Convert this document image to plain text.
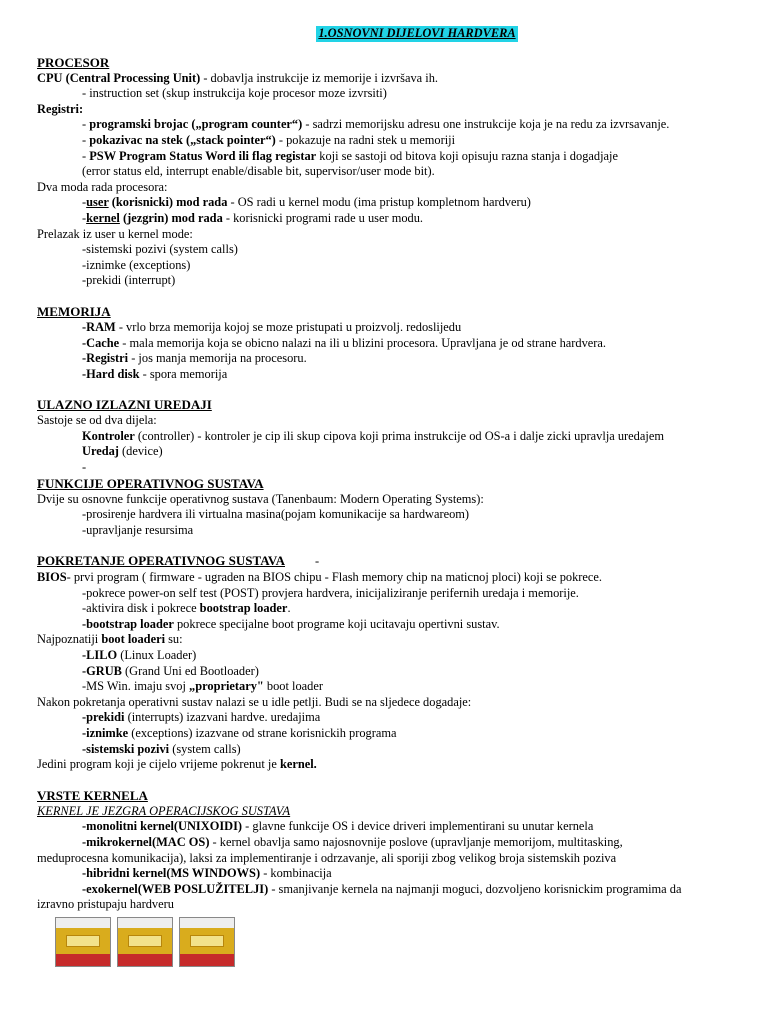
1.OSNOVNI DIJELOVI HARDVERA
PROCESOR
CPU (Central Processing Unit) - dobavlja instrukcije iz memorije i izvršava ih.
- instruction set (skup instrukcija koje procesor moze izvrsiti)
Registri:
- programski brojac („program counter“) - sadrzi memorijsku adresu one instrukcije koja je na redu za izvrsavanje.
- pokazivac na stek („stack pointer“) - pokazuje na radni stek u memoriji
- PSW Program Status Word ili flag registar koji se sastoji od bitova koji opisuju razna stanja i dogadjaje
(error status eld, interrupt enable/disable bit, supervisor/user mode bit).
Dva moda rada procesora:
-user (korisnicki) mod rada - OS radi u kernel modu (ima pristup kompletnom hardveru)
-kernel (jezgrin) mod rada - korisnicki programi rade u user modu.
Prelazak iz user u kernel mode:
-sistemski pozivi (system calls)
-iznimke (exceptions)
-prekidi (interrupt)
MEMORIJA
-RAM - vrlo brza memorija kojoj se moze pristupati u proizvolj. redoslijedu
-Cache - mala memorija koja se obicno nalazi na ili u blizini procesora. Upravljana je od strane hardvera.
-Registri - jos manja memorija na procesoru.
-Hard disk - spora memorija
ULAZNO IZLAZNI UREDAJI
Sastoje se od dva dijela:
Kontroler (controller) - kontroler je cip ili skup cipova koji prima instrukcije od OS-a i dalje zicki upravlja uredajem
Uredaj (device)
-
FUNKCIJE OPERATIVNOG SUSTAVA
Dvije su osnovne funkcije operativnog sustava (Tanenbaum: Modern Operating Systems):
-prosirenje hardvera ili virtualna masina(pojam komunikacije sa hardwareom)
-upravljanje resursima
POKRETANJE OPERATIVNOG SUSTAVA -
BIOS- prvi program ( firmware - ugraden na BIOS chipu - Flash memory chip na maticnoj ploci) koji se pokrece.
-pokrece power-on self test (POST) provjera hardvera, inicijaliziranje perifernih uredaja i memorije.
-aktivira disk i pokrece bootstrap loader.
-bootstrap loader pokrece specijalne boot programe koji ucitavaju opertivni sustav.
Najpoznatiji boot loaderi su:
-LILO (Linux Loader)
-GRUB (Grand Uni ed Bootloader)
-MS Win. imaju svoj „proprietary" boot loader
Nakon pokretanja operativni sustav nalazi se u idle petlji. Budi se na sljedece dogadaje:
-prekidi (interrupts) izazvani hardve. uredajima
-iznimke (exceptions) izazvane od strane korisnickih programa
-sistemski pozivi (system calls)
Jedini program koji je cijelo vrijeme pokrenut je kernel.
VRSTE KERNELA
KERNEL JE JEZGRA OPERACIJSKOG SUSTAVA
-monolitni kernel(UNIXOIDI) - glavne funkcije OS i device driveri implementirani su unutar kernela
-mikrokernel(MAC OS) - kernel obavlja samo najosnovnije poslove (upravljanje memorijom, multitasking, meduprocesna komunikacija), laksi za implementiranje i odrzavanje, ali sporiji zbog velikog broja sistemskih poziva
-hibridni kernel(MS WINDOWS) - kombinacija
-exokernel(WEB POSLUŽITELJI) - smanjivanje kernela na najmanji moguci, dozvoljeno korisnickim programima da izravno pristupaju hardveru
